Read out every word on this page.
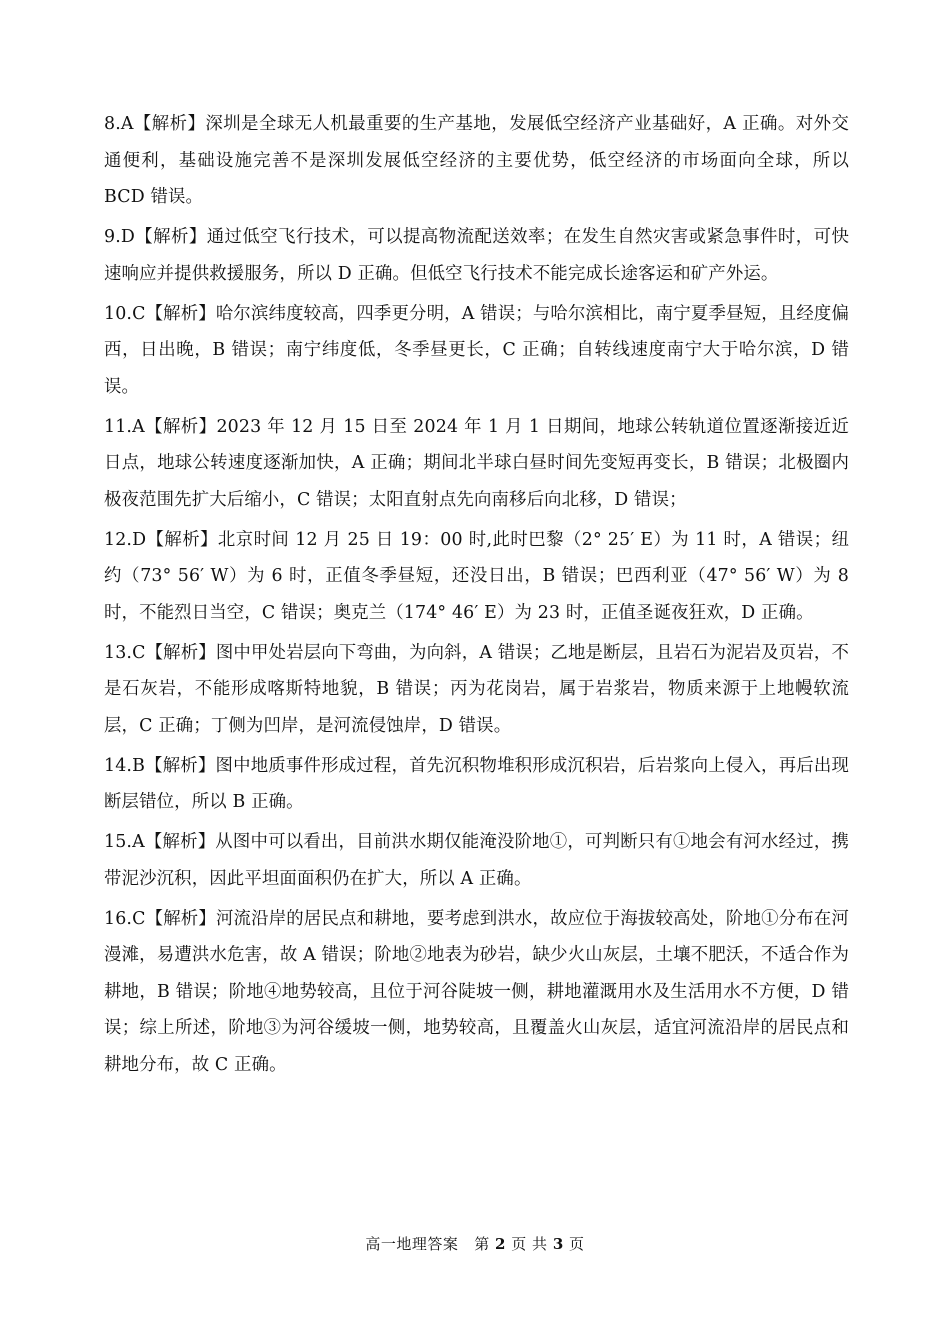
8.A【解析】深圳是全球无人机最重要的生产基地，发展低空经济产业基础好，A 正确。对外交通便利，基础设施完善不是深圳发展低空经济的主要优势，低空经济的市场面向全球，所以 BCD 错误。

9.D【解析】通过低空飞行技术，可以提高物流配送效率；在发生自然灾害或紧急事件时，可快速响应并提供救援服务，所以 D 正确。但低空飞行技术不能完成长途客运和矿产外运。

10.C【解析】哈尔滨纬度较高，四季更分明，A 错误；与哈尔滨相比，南宁夏季昼短，且经度偏西，日出晚，B 错误；南宁纬度低，冬季昼更长，C 正确；自转线速度南宁大于哈尔滨，D 错误。

11.A【解析】2023 年 12 月 15 日至 2024 年 1 月 1 日期间，地球公转轨道位置逐渐接近近日点，地球公转速度逐渐加快，A 正确；期间北半球白昼时间先变短再变长，B 错误；北极圈内极夜范围先扩大后缩小，C 错误；太阳直射点先向南移后向北移，D 错误；

12.D【解析】北京时间 12 月 25 日 19：00 时,此时巴黎（2° 25′ E）为 11 时，A 错误；纽约（73° 56′ W）为 6 时，正值冬季昼短，还没日出，B 错误；巴西利亚（47° 56′ W）为 8 时，不能烈日当空，C 错误；奥克兰（174° 46′ E）为 23 时，正值圣诞夜狂欢，D 正确。

13.C【解析】图中甲处岩层向下弯曲，为向斜，A 错误；乙地是断层，且岩石为泥岩及页岩，不是石灰岩，不能形成喀斯特地貌，B 错误；丙为花岗岩，属于岩浆岩，物质来源于上地幔软流层，C 正确；丁侧为凹岸，是河流侵蚀岸，D 错误。

14.B【解析】图中地质事件形成过程，首先沉积物堆积形成沉积岩，后岩浆向上侵入，再后出现断层错位，所以 B 正确。

15.A【解析】从图中可以看出，目前洪水期仅能淹没阶地①，可判断只有①地会有河水经过，携带泥沙沉积，因此平坦面面积仍在扩大，所以 A 正确。

16.C【解析】河流沿岸的居民点和耕地，要考虑到洪水，故应位于海拔较高处，阶地①分布在河漫滩，易遭洪水危害，故 A 错误；阶地②地表为砂岩，缺少火山灰层，土壤不肥沃，不适合作为耕地，B 错误；阶地④地势较高，且位于河谷陡坡一侧，耕地灌溉用水及生活用水不方便，D 错误；综上所述，阶地③为河谷缓坡一侧，地势较高，且覆盖火山灰层，适宜河流沿岸的居民点和耕地分布，故 C 正确。

高一地理答案 第 2 页 共 3 页
